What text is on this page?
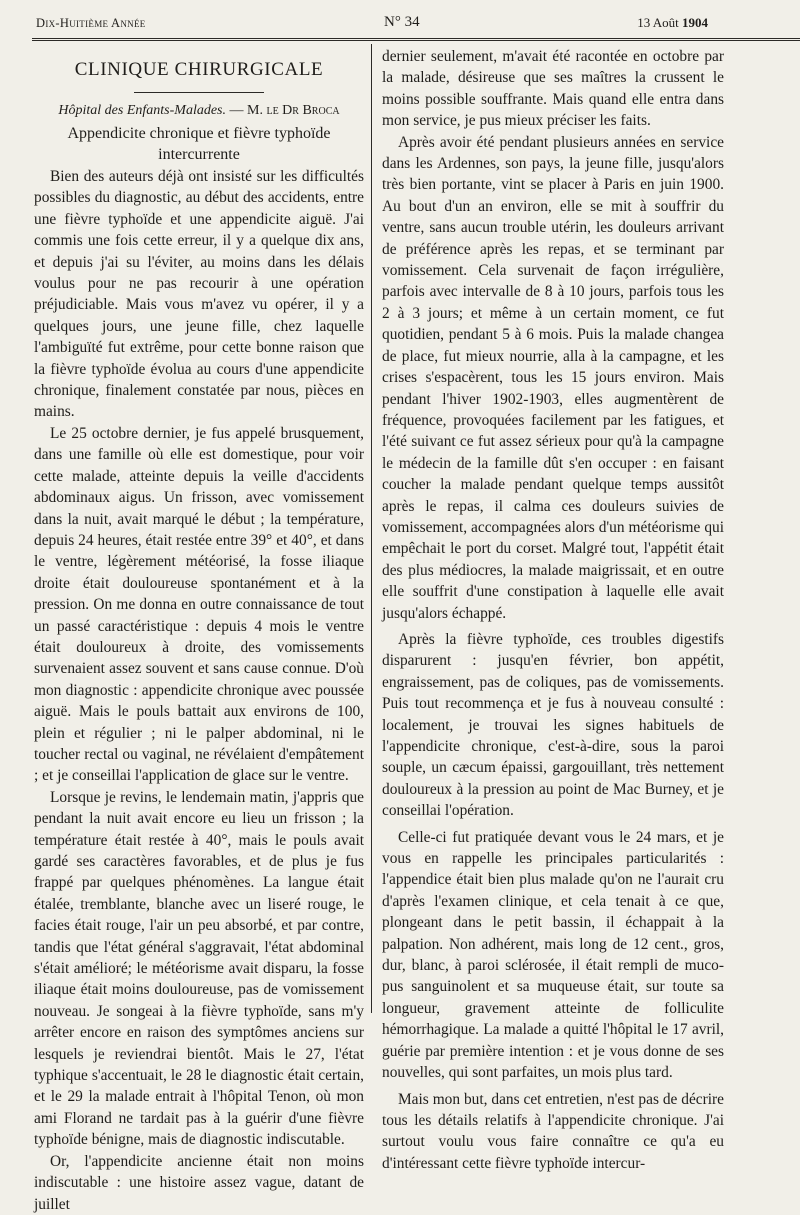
Dix-Huitième Année	N° 34	13 Août 1904
CLINIQUE CHIRURGICALE
Hôpital des Enfants-Malades. — M. le Dr Broca
Appendicite chronique et fièvre typhoïde
intercurrente

Bien des auteurs déjà ont insisté sur les difficultés possibles du diagnostic, au début des accidents, entre une fièvre typhoïde et une appendicite aiguë. J'ai commis une fois cette erreur, il y a quelque dix ans, et depuis j'ai su l'éviter, au moins dans les délais voulus pour ne pas recourir à une opération préjudiciable. Mais vous m'avez vu opérer, il y a quelques jours, une jeune fille, chez laquelle l'ambiguïté fut extrême, pour cette bonne raison que la fièvre typhoïde évolua au cours d'une appendicite chronique, finalement constatée par nous, pièces en mains.

Le 25 octobre dernier, je fus appelé brusquement, dans une famille où elle est domestique, pour voir cette malade, atteinte depuis la veille d'accidents abdominaux aigus. Un frisson, avec vomissement dans la nuit, avait marqué le début ; la température, depuis 24 heures, était restée entre 39° et 40°, et dans le ventre, légèrement météorisé, la fosse iliaque droite était douloureuse spontanément et à la pression. On me donna en outre connaissance de tout un passé caractéristique : depuis 4 mois le ventre était douloureux à droite, des vomissements survenaient assez souvent et sans cause connue. D'où mon diagnostic : appendicite chronique avec poussée aiguë. Mais le pouls battait aux environs de 100, plein et régulier ; ni le palper abdominal, ni le toucher rectal ou vaginal, ne révélaient d'empâtement ; et je conseillai l'application de glace sur le ventre.

Lorsque je revins, le lendemain matin, j'appris que pendant la nuit avait encore eu lieu un frisson ; la température était restée à 40°, mais le pouls avait gardé ses caractères favorables, et de plus je fus frappé par quelques phénomènes. La langue était étalée, tremblante, blanche avec un liseré rouge, le facies était rouge, l'air un peu absorbé, et par contre, tandis que l'état général s'aggravait, l'état abdominal s'était amélioré; le météorisme avait disparu, la fosse iliaque était moins douloureuse, pas de vomissement nouveau. Je songeai à la fièvre typhoïde, sans m'y arrêter encore en raison des symptômes anciens sur lesquels je reviendrai bientôt. Mais le 27, l'état typhique s'accentuait, le 28 le diagnostic était certain, et le 29 la malade entrait à l'hôpital Tenon, où mon ami Florand ne tardait pas à la guérir d'une fièvre typhoïde bénigne, mais de diagnostic indiscutable.

Or, l'appendicite ancienne était non moins indiscutable : une histoire assez vague, datant de juillet

dernier seulement, m'avait été racontée en octobre par la malade, désireuse que ses maîtres la crussent le moins possible souffrante. Mais quand elle entra dans mon service, je pus mieux préciser les faits.

Après avoir été pendant plusieurs années en service dans les Ardennes, son pays, la jeune fille, jusqu'alors très bien portante, vint se placer à Paris en juin 1900. Au bout d'un an environ, elle se mit à souffrir du ventre, sans aucun trouble utérin, les douleurs arrivant de préférence après les repas, et se terminant par vomissement. Cela survenait de façon irrégulière, parfois avec intervalle de 8 à 10 jours, parfois tous les 2 à 3 jours; et même à un certain moment, ce fut quotidien, pendant 5 à 6 mois. Puis la malade changea de place, fut mieux nourrie, alla à la campagne, et les crises s'espacèrent, tous les 15 jours environ. Mais pendant l'hiver 1902-1903, elles augmentèrent de fréquence, provoquées facilement par les fatigues, et l'été suivant ce fut assez sérieux pour qu'à la campagne le médecin de la famille dût s'en occuper : en faisant coucher la malade pendant quelque temps aussitôt après le repas, il calma ces douleurs suivies de vomissement, accompagnées alors d'un météorisme qui empêchait le port du corset. Malgré tout, l'appétit était des plus médiocres, la malade maigrissait, et en outre elle souffrit d'une constipation à laquelle elle avait jusqu'alors échappé.

Après la fièvre typhoïde, ces troubles digestifs disparurent : jusqu'en février, bon appétit, engraissement, pas de coliques, pas de vomissements. Puis tout recommença et je fus à nouveau consulté : localement, je trouvai les signes habituels de l'appendicite chronique, c'est-à-dire, sous la paroi souple, un cæcum épaissi, gargouillant, très nettement douloureux à la pression au point de Mac Burney, et je conseillai l'opération.

Celle-ci fut pratiquée devant vous le 24 mars, et je vous en rappelle les principales particularités : l'appendice était bien plus malade qu'on ne l'aurait cru d'après l'examen clinique, et cela tenait à ce que, plongeant dans le petit bassin, il échappait à la palpation. Non adhérent, mais long de 12 cent., gros, dur, blanc, à paroi sclérosée, il était rempli de muco-pus sanguinolent et sa muqueuse était, sur toute sa longueur, gravement atteinte de folliculite hémorrhagique. La malade a quitté l'hôpital le 17 avril, guérie par première intention : et je vous donne de ses nouvelles, qui sont parfaites, un mois plus tard.

Mais mon but, dans cet entretien, n'est pas de décrire tous les détails relatifs à l'appendicite chronique. J'ai surtout voulu vous faire connaître ce qu'a eu d'intéressant cette fièvre typhoïde intercur-
